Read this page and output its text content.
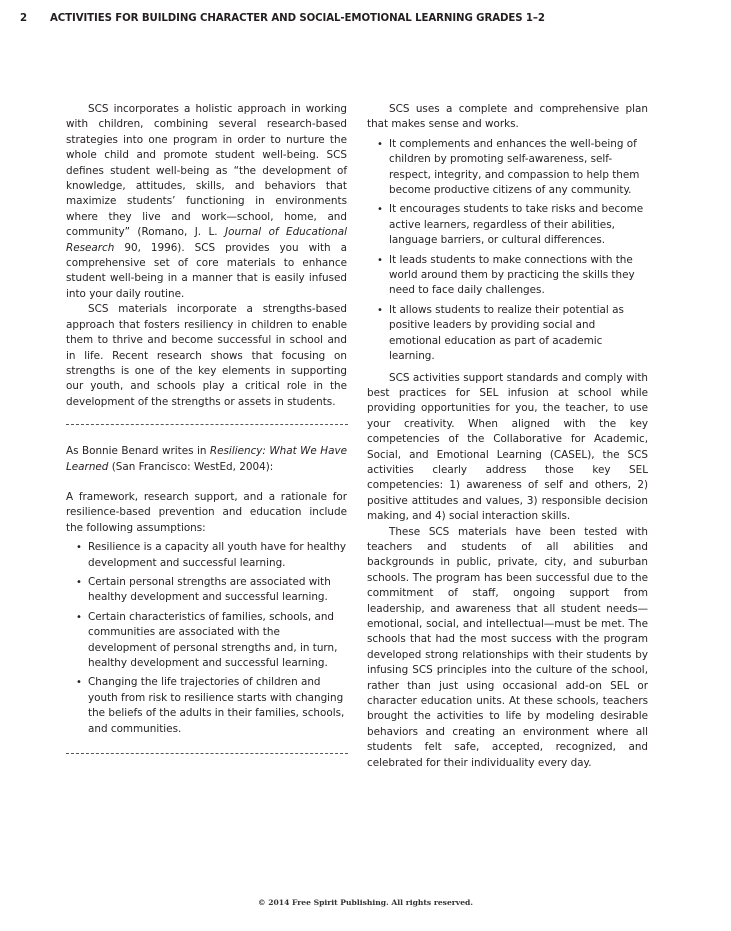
2 ACTIVITIES FOR BUILDING CHARACTER AND SOCIAL-EMOTIONAL LEARNING GRADES 1–2

SCS incorporates a holistic approach in working with children, combining several research-based strategies into one program in order to nurture the whole child and promote student well-being. SCS defines student well-being as “the development of knowledge, attitudes, skills, and behaviors that maximize students’ functioning in environments where they live and work—school, home, and community” (Romano, J. L. Journal of Educational Research 90, 1996). SCS provides you with a comprehensive set of core materials to enhance student well-being in a manner that is easily infused into your daily routine.

SCS materials incorporate a strengths-based approach that fosters resiliency in children to enable them to thrive and become successful in school and in life. Recent research shows that focusing on strengths is one of the key elements in supporting our youth, and schools play a critical role in the development of the strengths or assets in students.

As Bonnie Benard writes in Resiliency: What We Have Learned (San Francisco: WestEd, 2004):

A framework, research support, and a rationale for resilience-based prevention and education include the following assumptions:

• Resilience is a capacity all youth have for healthy development and successful learning.
• Certain personal strengths are associated with healthy development and successful learning.
• Certain characteristics of families, schools, and communities are associated with the development of personal strengths and, in turn, healthy development and successful learning.
• Changing the life trajectories of children and youth from risk to resilience starts with changing the beliefs of the adults in their families, schools, and communities.

SCS uses a complete and comprehensive plan that makes sense and works.

• It complements and enhances the well-being of children by promoting self-awareness, self-respect, integrity, and compassion to help them become productive citizens of any community.
• It encourages students to take risks and become active learners, regardless of their abilities, language barriers, or cultural differences.
• It leads students to make connections with the world around them by practicing the skills they need to face daily challenges.
• It allows students to realize their potential as positive leaders by providing social and emotional education as part of academic learning.

SCS activities support standards and comply with best practices for SEL infusion at school while providing opportunities for you, the teacher, to use your creativity. When aligned with the key competencies of the Collaborative for Academic, Social, and Emotional Learning (CASEL), the SCS activities clearly address those key SEL competencies: 1) awareness of self and others, 2) positive attitudes and values, 3) responsible decision making, and 4) social interaction skills.

These SCS materials have been tested with teachers and students of all abilities and backgrounds in public, private, city, and suburban schools. The program has been successful due to the commitment of staff, ongoing support from leadership, and awareness that all student needs—emotional, social, and intellectual—must be met. The schools that had the most success with the program developed strong relationships with their students by infusing SCS principles into the culture of the school, rather than just using occasional add-on SEL or character education units. At these schools, teachers brought the activities to life by modeling desirable behaviors and creating an environment where all students felt safe, accepted, recognized, and celebrated for their individuality every day.

© 2014 Free Spirit Publishing. All rights reserved.
